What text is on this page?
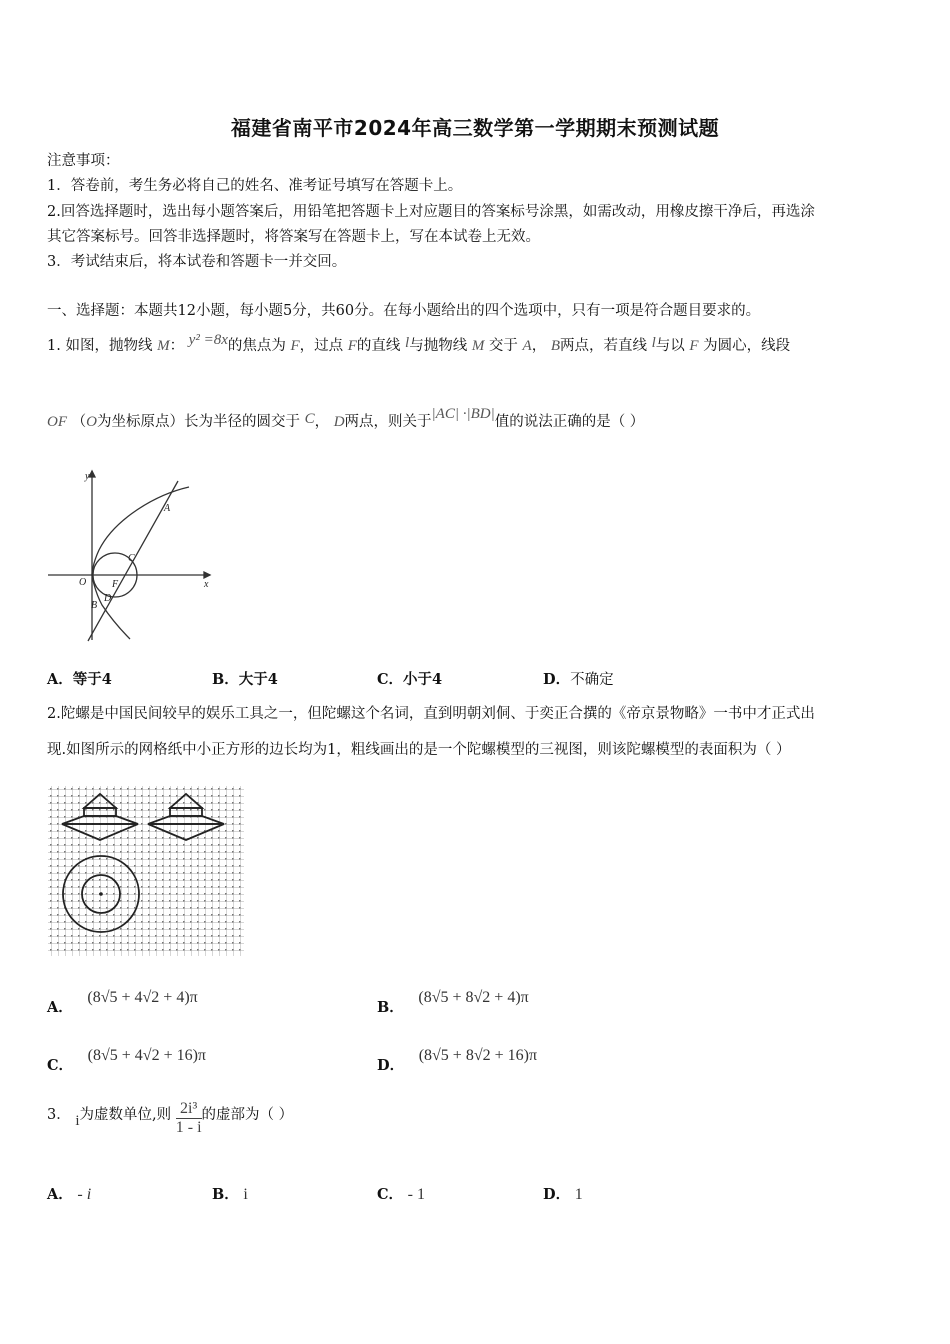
福建省南平市2024年高三数学第一学期期末预测试题
注意事项：
1．答卷前，考生务必将自己的姓名、准考证号填写在答题卡上。
2.回答选择题时，选出每小题答案后，用铅笔把答题卡上对应题目的答案标号涂黑，如需改动，用橡皮擦干净后，再选涂
其它答案标号。回答非选择题时，将答案写在答题卡上，写在本试卷上无效。
3．考试结束后，将本试卷和答题卡一并交回。
一、选择题：本题共12小题，每小题5分，共60分。在每小题给出的四个选项中，只有一项是符合题目要求的。
1. 如图，抛物线 M： y² =8x的焦点为 F，过点 F的直线 l与抛物线 M 交于 A， B两点，若直线 l与以 F 为圆心，线段
OF （O为坐标原点）长为半径的圆交于 C， D两点，则关于|AC| ·|BD|值的说法正确的是（ ）
y
x
O	F
A
C
D
B
A．等于4	B．大于4	C．小于4	D．不确定
2.陀螺是中国民间较早的娱乐工具之一，但陀螺这个名词，直到明朝刘侗、于奕正合撰的《帝京景物略》一书中才正式出
现.如图所示的网格纸中小正方形的边长均为1，粗线画出的是一个陀螺模型的三视图，则该陀螺模型的表面积为（ ）
A． (8√5 + 4√2 + 4)π
B． (8√5 + 8√2 + 4)π
C． (8√5 + 4√2 + 16)π
D． (8√5 + 8√2 + 16)π
3． i为虚数单位,则 $\frac{\text{2i³}}{1 - i}$ 的虚部为（ ）
A． - i	B． i	C． - 1	D． 1
